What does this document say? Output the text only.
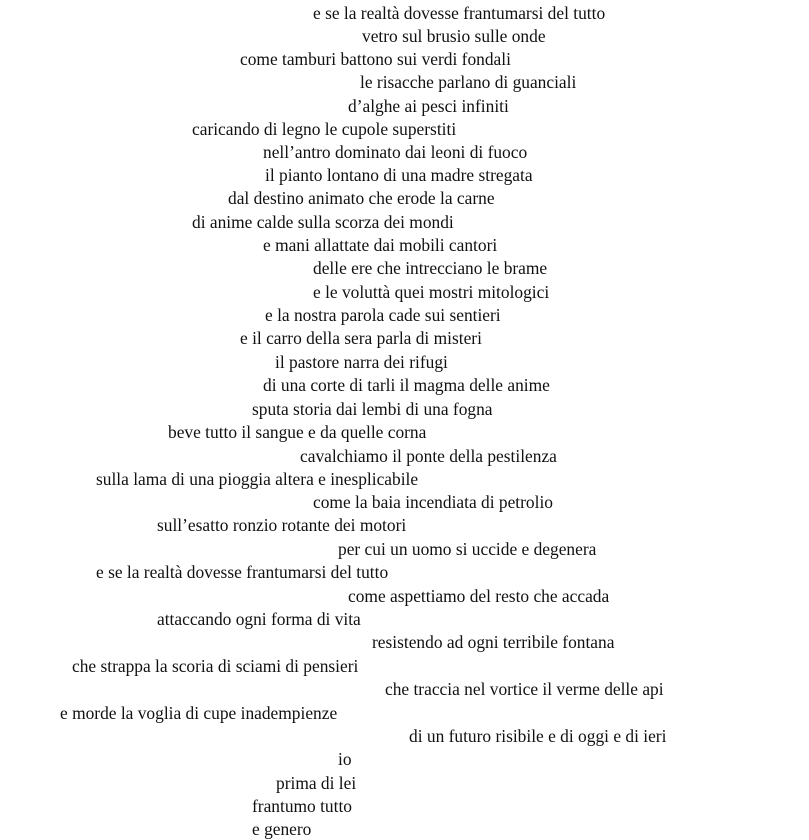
e se la realtà dovesse frantumarsi del tutto
vetro sul brusio sulle onde
come tamburi battono sui verdi fondali
le risacche parlano di guanciali
d’alghe ai pesci infiniti
caricando di legno le cupole superstiti
nell’antro dominato dai leoni di fuoco
il pianto lontano di una madre stregata
dal destino animato che erode la carne
di anime calde sulla scorza dei mondi
e mani allattate dai mobili cantori
delle ere che intrecciano le brame
e le voluttà quei mostri mitologici
e la nostra parola cade sui sentieri
e il carro della sera parla di misteri
il pastore narra dei rifugi
di una corte di tarli il magma delle anime
sputa storia dai lembi di una fogna
beve tutto il sangue e da quelle corna
cavalchiamo il ponte della pestilenza
sulla lama di una pioggia altera e inesplicabile
come la baia incendiata di petrolio
sull’esatto ronzio rotante dei motori
per cui un uomo si uccide e degenera
e se la realtà dovesse frantumarsi del tutto
come aspettiamo del resto che accada
attaccando ogni forma di vita
resistendo ad ogni terribile fontana
che strappa la scoria di sciami di pensieri
che traccia nel vortice il verme delle api
e morde la voglia di cupe inadempienze
di un futuro risibile e di oggi e di ieri
io
prima di lei
frantumo tutto
e genero
